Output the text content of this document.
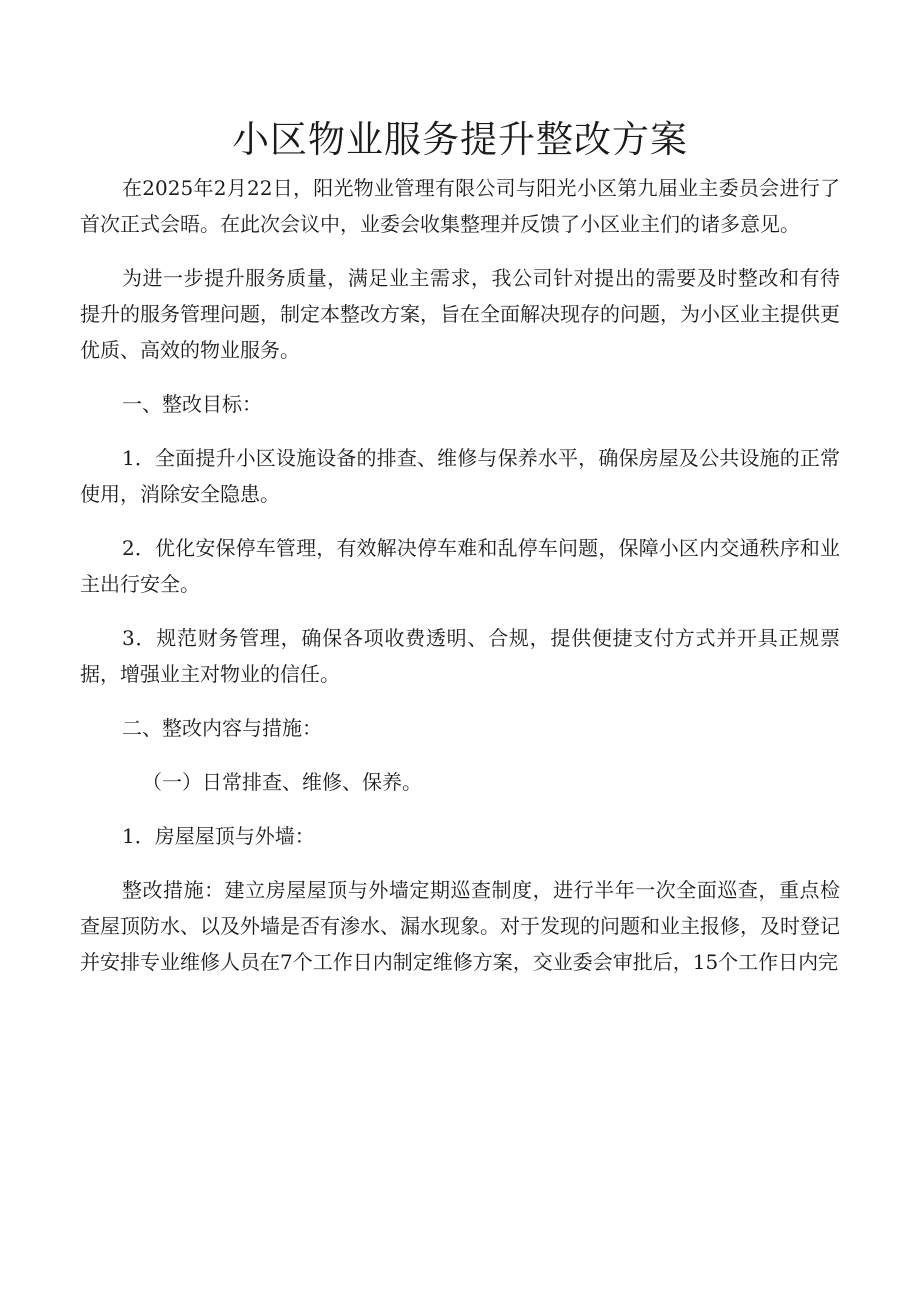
小区物业服务提升整改方案

在2025年2月22日，阳光物业管理有限公司与阳光小区第九届业主委员会进行了首次正式会晤。在此次会议中，业委会收集整理并反馈了小区业主们的诸多意见。

为进一步提升服务质量，满足业主需求，我公司针对提出的需要及时整改和有待提升的服务管理问题，制定本整改方案，旨在全面解决现存的问题，为小区业主提供更优质、高效的物业服务。

一、整改目标：

1．全面提升小区设施设备的排查、维修与保养水平，确保房屋及公共设施的正常使用，消除安全隐患。

2．优化安保停车管理，有效解决停车难和乱停车问题，保障小区内交通秩序和业主出行安全。

3．规范财务管理，确保各项收费透明、合规，提供便捷支付方式并开具正规票据，增强业主对物业的信任。

二、整改内容与措施：

（一）日常排查、维修、保养。

1．房屋屋顶与外墙：

整改措施：建立房屋屋顶与外墙定期巡查制度，进行半年一次全面巡查，重点检查屋顶防水、以及外墙是否有渗水、漏水现象。对于发现的问题和业主报修，及时登记并安排专业维修人员在7个工作日内制定维修方案，交业委会审批后，15个工作日内完
